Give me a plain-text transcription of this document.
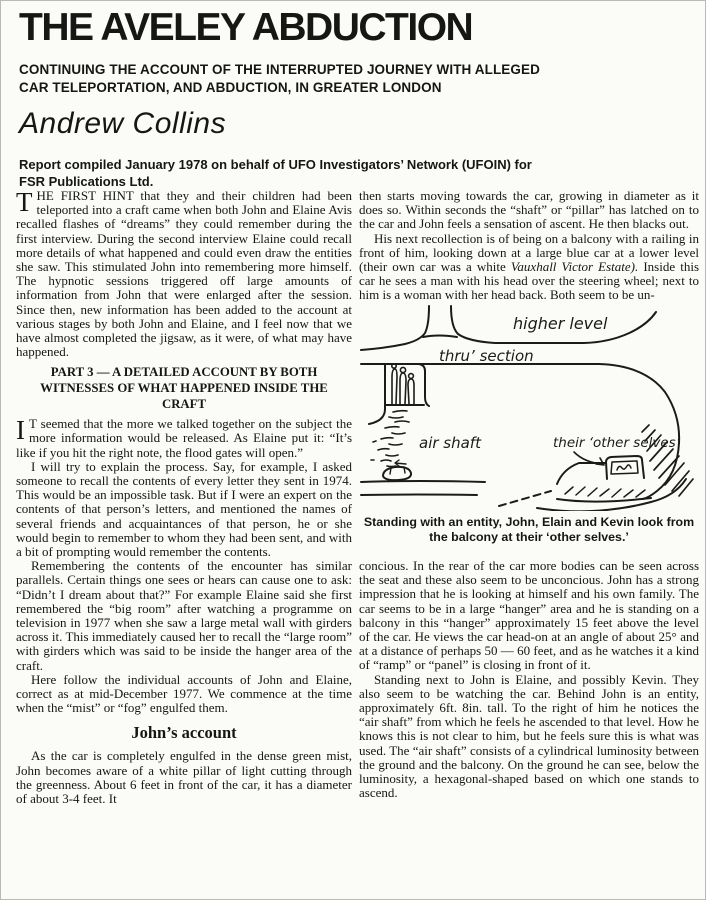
THE AVELEY ABDUCTION
CONTINUING THE ACCOUNT OF THE INTERRUPTED JOURNEY WITH ALLEGED
CAR TELEPORTATION, AND ABDUCTION, IN GREATER LONDON
Andrew Collins
Report compiled January 1978 on behalf of UFO Investigators’ Network (UFOIN) for
FSR Publications Ltd.

THE FIRST HINT that they and their children had been teleported into a craft came when both John and Elaine Avis recalled flashes of “dreams” they could remember during the first interview. During the second interview Elaine could recall more details of what happened and could even draw the entities she saw. This stimulated John into remembering more himself. The hypnotic sessions triggered off large amounts of information from John that were enlarged after the session. Since then, new information has been added to the account at various stages by both John and Elaine, and I feel now that we have almost completed the jigsaw, as it were, of what may have happened.

PART 3 — A DETAILED ACCOUNT BY BOTH WITNESSES OF WHAT HAPPENED INSIDE THE CRAFT

I T seemed that the more we talked together on the subject the more information would be released. As Elaine put it: “It’s like if you hit the right note, the flood gates will open.”

I will try to explain the process. Say, for example, I asked someone to recall the contents of every letter they sent in 1974. This would be an impossible task. But if I were an expert on the contents of that person’s letters, and mentioned the names of several friends and acquaintances of that person, he or she would begin to remember to whom they had been sent, and with a bit of prompting would remember the contents.

Remembering the contents of the encounter has similar parallels. Certain things one sees or hears can cause one to ask: “Didn’t I dream about that?” For example Elaine said she first remembered the “big room” after watching a programme on television in 1977 when she saw a large metal wall with girders across it. This immediately caused her to recall the “large room” with girders which was said to be inside the hanger area of the craft.

Here follow the individual accounts of John and Elaine, correct as at mid-December 1977. We commence at the time when the “mist” or “fog” engulfed them.

John’s account

As the car is completely engulfed in the dense green mist, John becomes aware of a white pillar of light cutting through the greenness. About 6 feet in front of the car, it has a diameter of about 3-4 feet. It

then starts moving towards the car, growing in diameter as it does so. Within seconds the “shaft” or “pillar” has latched on to the car and John feels a sensation of ascent. He then blacks out.

His next recollection is of being on a balcony with a railing in front of him, looking down at a large blue car at a lower level (their own car was a white Vauxhall Victor Estate). Inside this car he sees a man with his head over the steering wheel; next to him is a woman with her head back. Both seem to be un-

higher level
thru’ section
air shaft	their ‘other selves’

Standing with an entity, John, Elain and Kevin look from the balcony at their ‘other selves.’

concious. In the rear of the car more bodies can be seen across the seat and these also seem to be unconcious. John has a strong impression that he is looking at himself and his own family. The car seems to be in a large “hanger” area and he is standing on a balcony in this “hanger” approximately 15 feet above the level of the car. He views the car head-on at an angle of about 25° and at a distance of perhaps 50 — 60 feet, and as he watches it a kind of “ramp” or “panel” is closing in front of it.

Standing next to John is Elaine, and possibly Kevin. They also seem to be watching the car. Behind John is an entity, approximately 6ft. 8in. tall. To the right of him he notices the “air shaft” from which he feels he ascended to that level. How he knows this is not clear to him, but he feels sure this is what was used. The “air shaft” consists of a cylindrical luminosity between the ground and the balcony. On the ground he can see, below the luminosity, a hexagonal-shaped based on which one stands to ascend.
